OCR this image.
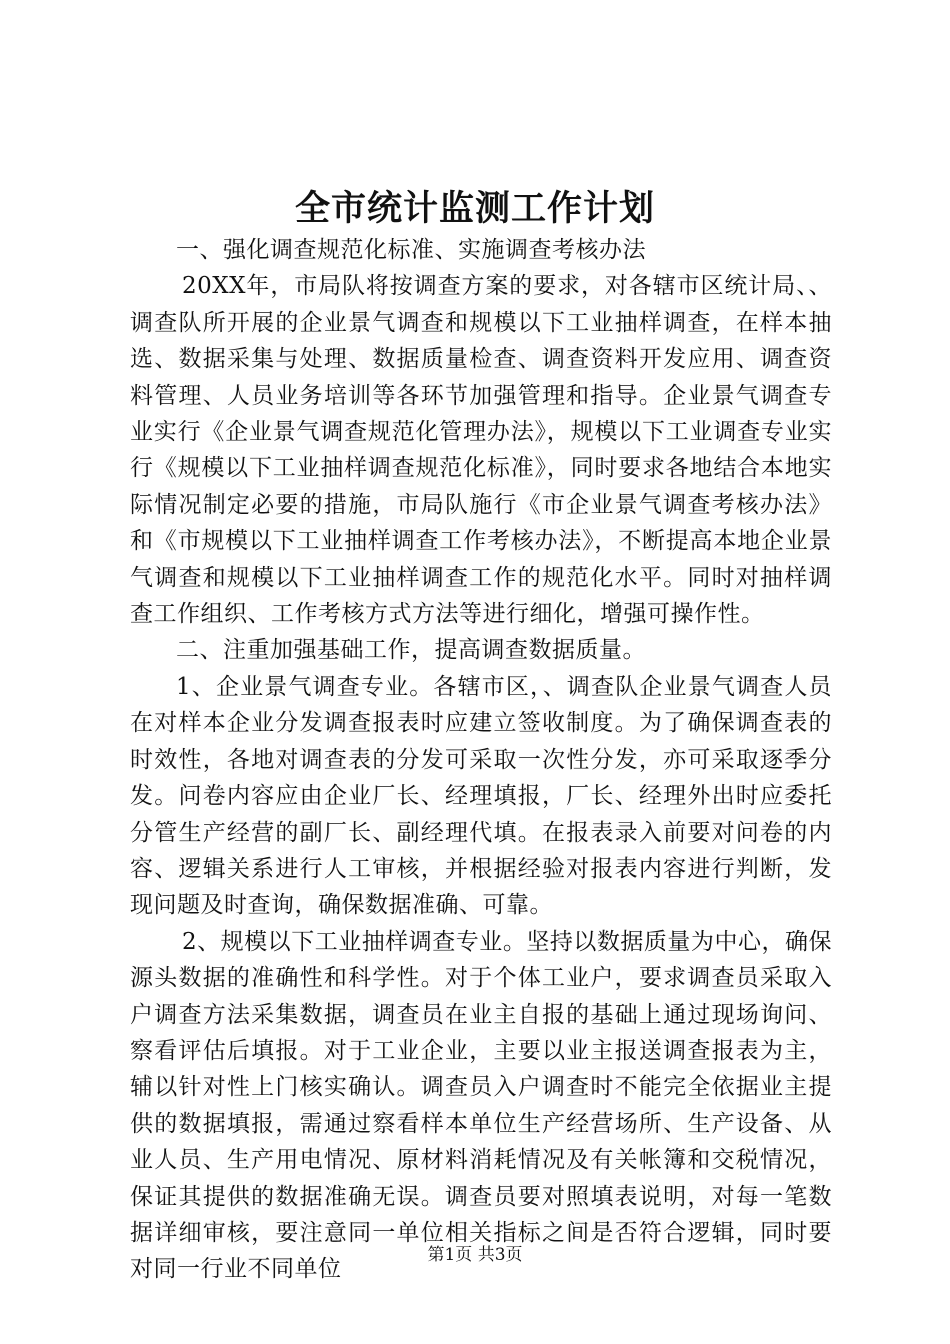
全市统计监测工作计划

一、强化调查规范化标准、实施调查考核办法

20XX年，市局队将按调查方案的要求，对各辖市区统计局、、调查队所开展的企业景气调查和规模以下工业抽样调查，在样本抽选、数据采集与处理、数据质量检查、调查资料开发应用、调查资料管理、人员业务培训等各环节加强管理和指导。企业景气调查专业实行《企业景气调查规范化管理办法》，规模以下工业调查专业实行《规模以下工业抽样调查规范化标准》，同时要求各地结合本地实际情况制定必要的措施，市局队施行《市企业景气调查考核办法》和《市规模以下工业抽样调查工作考核办法》，不断提高本地企业景气调查和规模以下工业抽样调查工作的规范化水平。同时对抽样调查工作组织、工作考核方式方法等进行细化，增强可操作性。

二、注重加强基础工作，提高调查数据质量。

1、企业景气调查专业。各辖市区，、调查队企业景气调查人员在对样本企业分发调查报表时应建立签收制度。为了确保调查表的时效性，各地对调查表的分发可采取一次性分发，亦可采取逐季分发。问卷内容应由企业厂长、经理填报，厂长、经理外出时应委托分管生产经营的副厂长、副经理代填。在报表录入前要对问卷的内容、逻辑关系进行人工审核，并根据经验对报表内容进行判断，发现问题及时查询，确保数据准确、可靠。

2、规模以下工业抽样调查专业。坚持以数据质量为中心，确保源头数据的准确性和科学性。对于个体工业户，要求调查员采取入户调查方法采集数据，调查员在业主自报的基础上通过现场询问、察看评估后填报。对于工业企业，主要以业主报送调查报表为主，辅以针对性上门核实确认。调查员入户调查时不能完全依据业主提供的数据填报，需通过察看样本单位生产经营场所、生产设备、从业人员、生产用电情况、原材料消耗情况及有关帐簿和交税情况，保证其提供的数据准确无误。调查员要对照填表说明，对每一笔数据详细审核，要注意同一单位相关指标之间是否符合逻辑，同时要对同一行业不同单位

第1页 共3页
